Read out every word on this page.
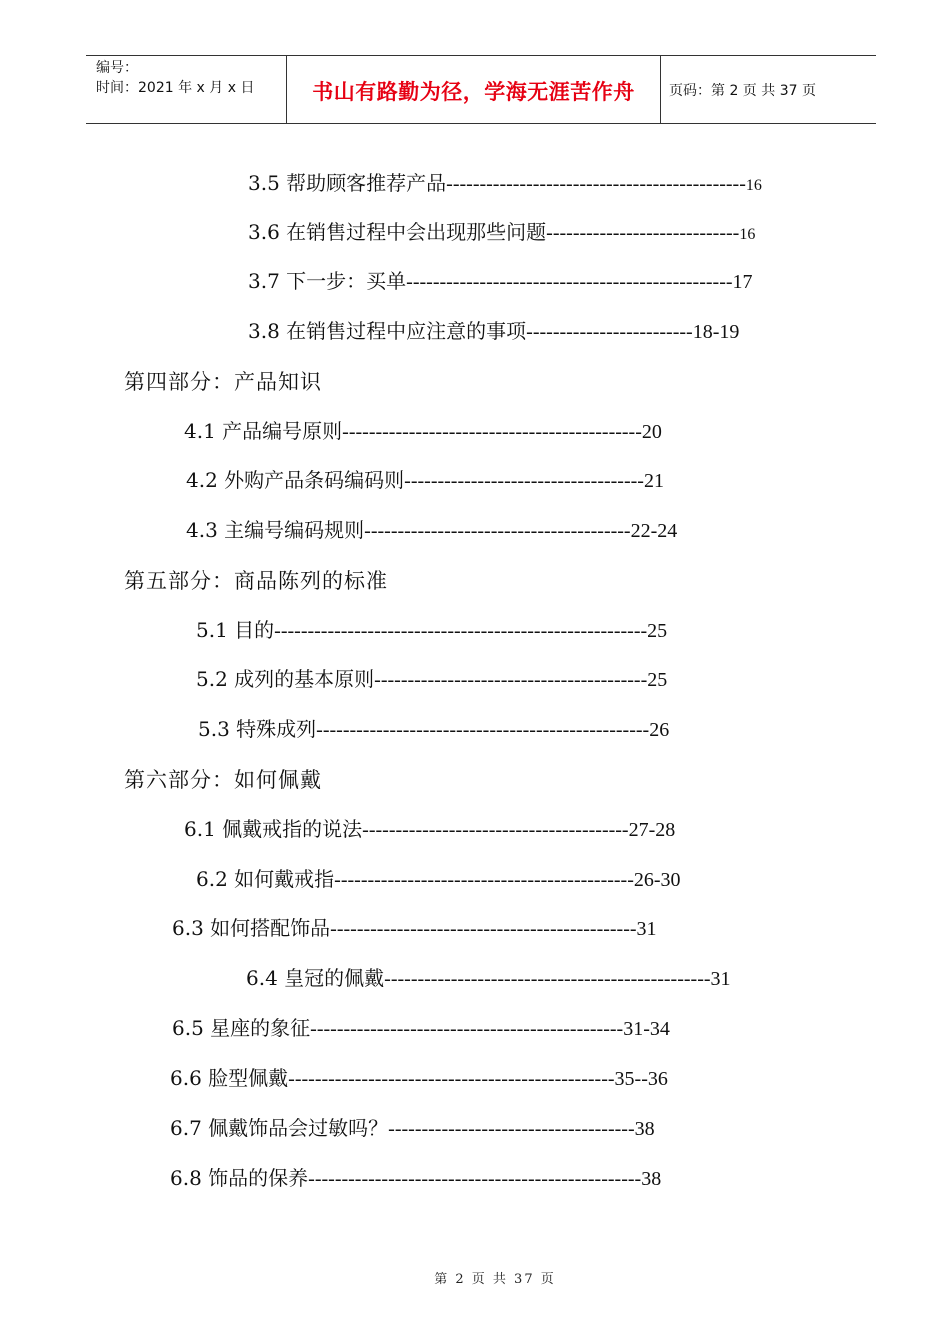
编号：
时间：2021 年 x 月 x 日	书山有路勤为径，学海无涯苦作舟	页码：第 2 页 共 37 页
3.5 帮助顾客推荐产品---------------------------------------------16
3.6 在销售过程中会出现那些问题-----------------------------16
3.7 下一步：买单-------------------------------------------------17
3.8 在销售过程中应注意的事项-------------------------18-19
第四部分：产品知识
4.1 产品编号原则---------------------------------------------20
4.2 外购产品条码编码则------------------------------------21
4.3 主编号编码规则----------------------------------------22-24
第五部分：商品陈列的标准
5.1 目的--------------------------------------------------------25
5.2 成列的基本原则-----------------------------------------25
5.3 特殊成列--------------------------------------------------26
第六部分：如何佩戴
6.1 佩戴戒指的说法----------------------------------------27-28
6.2 如何戴戒指---------------------------------------------26-30
6.3 如何搭配饰品----------------------------------------------31
6.4 皇冠的佩戴-------------------------------------------------31
6.5 星座的象征-----------------------------------------------31-34
6.6 脸型佩戴-------------------------------------------------35--36
6.7 佩戴饰品会过敏吗？-------------------------------------38
6.8 饰品的保养--------------------------------------------------38
第 2 页 共 37 页
